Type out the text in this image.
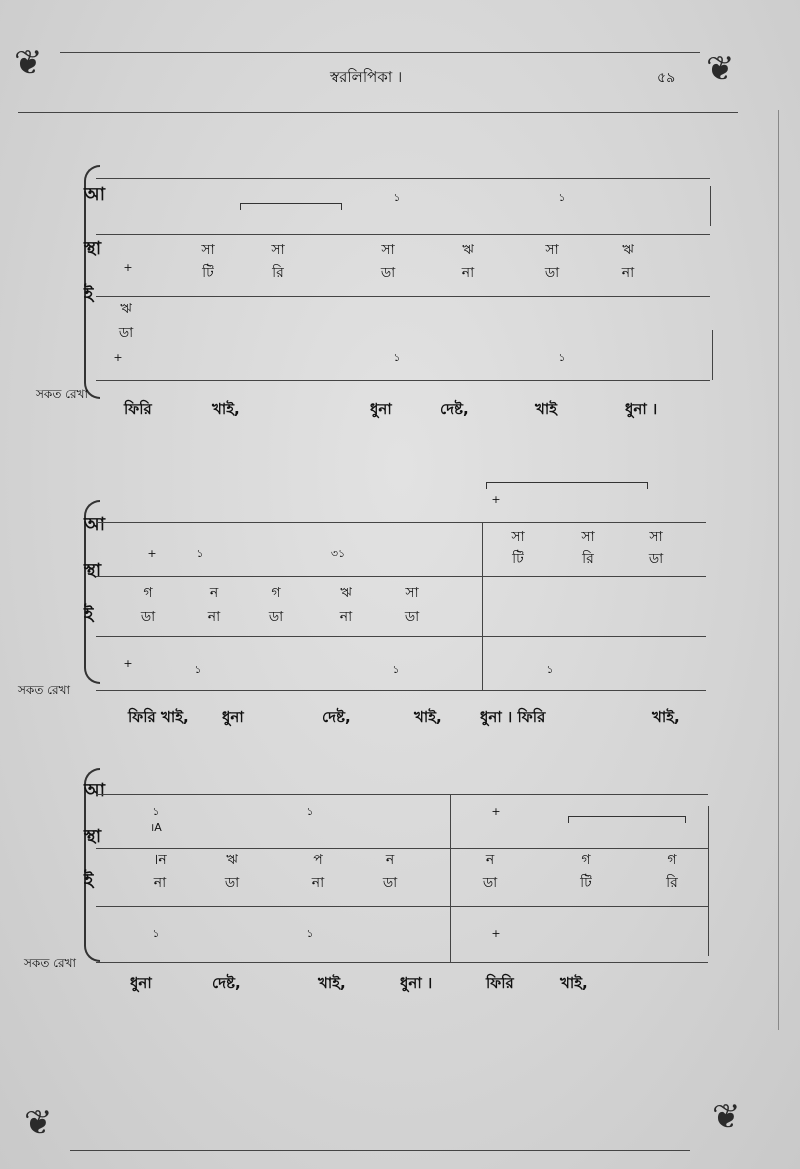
❦	❦
স্বরলিপিকা ।	৫৯
আ
স্থা
ই
সকত রেখা
১	১
সা	সা	সা	ঋ	সা	ঋ
টি	রি	ডা	না	ডা	না
+
ঋ
ডা
+	১	১
ফিরি	খাই,	ধুনা	দেষ্ট,	খাই	ধুনা ।
আ
স্থা
ই
সকত রেখা
+
+	১	৩১
সা	সা	সা
টি	রি	ডা
গ	ন	গ	ঋ	সা
ডা	না	ডা	না	ডা
+	১	১	১
ফিরি খাই, ধুনা	দেষ্ট,	খাই,	ধুনা । ফিরি	খাই,
আ
স্থা
ই
সকত রেখা
১	১
।A
+
।ন	ঋ	প	ন
না	ডা	না	ডা
ন	গ	গ
ডা	টি	রি
১	১	+
ধুনা	দেষ্ট,	খাই,	ধুনা ।	ফিরি	খাই,
❦	❦
